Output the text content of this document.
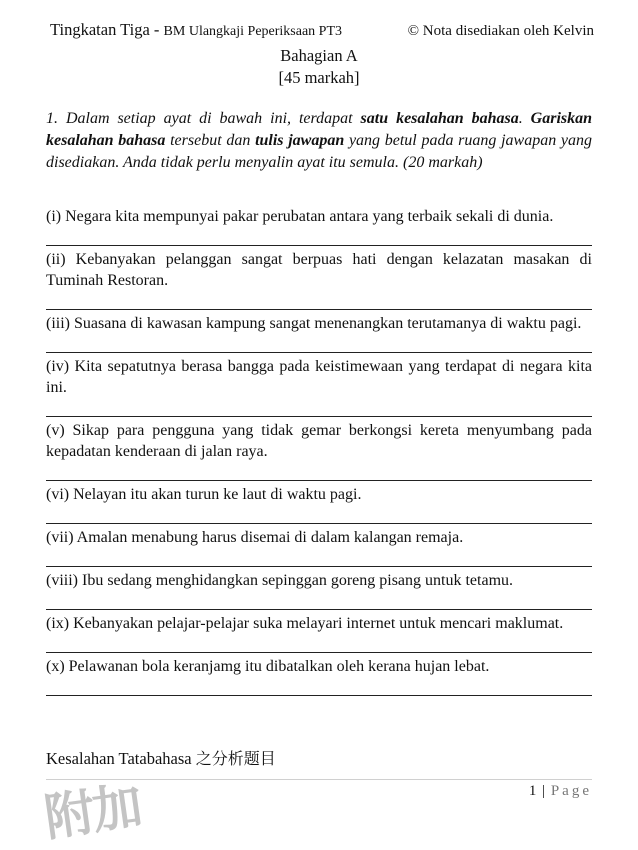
Tingkatan Tiga - BM Ulangkaji Peperiksaan PT3	© Nota disediakan oleh Kelvin
Bahagian A
[45 markah]
1. Dalam setiap ayat di bawah ini, terdapat satu kesalahan bahasa. Gariskan kesalahan bahasa tersebut dan tulis jawapan yang betul pada ruang jawapan yang disediakan. Anda tidak perlu menyalin ayat itu semula. (20 markah)
(i) Negara kita mempunyai pakar perubatan antara yang terbaik sekali di dunia.
(ii) Kebanyakan pelanggan sangat berpuas hati dengan kelazatan masakan di Tuminah Restoran.
(iii) Suasana di kawasan kampung sangat menenangkan terutamanya di waktu pagi.
(iv) Kita sepatutnya berasa bangga pada keistimewaan yang terdapat di negara kita ini.
(v) Sikap para pengguna yang tidak gemar berkongsi kereta menyumbang pada kepadatan kenderaan di jalan raya.
(vi) Nelayan itu akan turun ke laut di waktu pagi.
(vii) Amalan menabung harus disemai di dalam kalangan remaja.
(viii) Ibu sedang menghidangkan sepinggan goreng pisang untuk tetamu.
(ix) Kebanyakan pelajar-pelajar suka melayari internet untuk mencari maklumat.
(x) Pelawanan bola keranjamg itu dibatalkan oleh kerana hujan lebat.
Kesalahan Tatabahasa 之分析题目
1 | Page
附加
